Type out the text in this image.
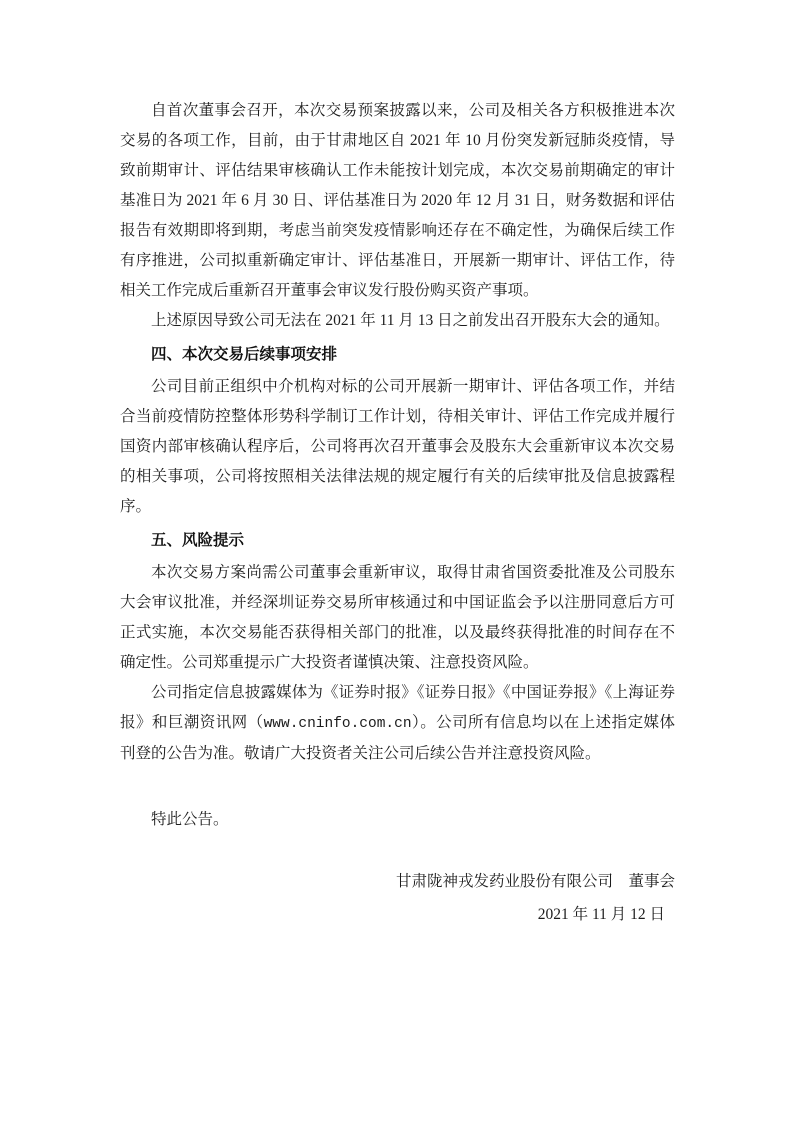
自首次董事会召开，本次交易预案披露以来，公司及相关各方积极推进本次交易的各项工作，目前，由于甘肃地区自 2021 年 10 月份突发新冠肺炎疫情，导致前期审计、评估结果审核确认工作未能按计划完成，本次交易前期确定的审计基准日为 2021 年 6 月 30 日、评估基准日为 2020 年 12 月 31 日，财务数据和评估报告有效期即将到期，考虑当前突发疫情影响还存在不确定性，为确保后续工作有序推进，公司拟重新确定审计、评估基准日，开展新一期审计、评估工作，待相关工作完成后重新召开董事会审议发行股份购买资产事项。

上述原因导致公司无法在 2021 年 11 月 13 日之前发出召开股东大会的通知。

四、本次交易后续事项安排

公司目前正组织中介机构对标的公司开展新一期审计、评估各项工作，并结合当前疫情防控整体形势科学制订工作计划，待相关审计、评估工作完成并履行国资内部审核确认程序后，公司将再次召开董事会及股东大会重新审议本次交易的相关事项，公司将按照相关法律法规的规定履行有关的后续审批及信息披露程序。

五、风险提示

本次交易方案尚需公司董事会重新审议，取得甘肃省国资委批准及公司股东大会审议批准，并经深圳证券交易所审核通过和中国证监会予以注册同意后方可正式实施，本次交易能否获得相关部门的批准，以及最终获得批准的时间存在不确定性。公司郑重提示广大投资者谨慎决策、注意投资风险。

公司指定信息披露媒体为《证券时报》《证券日报》《中国证券报》《上海证券报》和巨潮资讯网（www.cninfo.com.cn）。公司所有信息均以在上述指定媒体刊登的公告为准。敬请广大投资者关注公司后续公告并注意投资风险。

特此公告。

甘肃陇神戎发药业股份有限公司　董事会

2021 年 11 月 12 日
